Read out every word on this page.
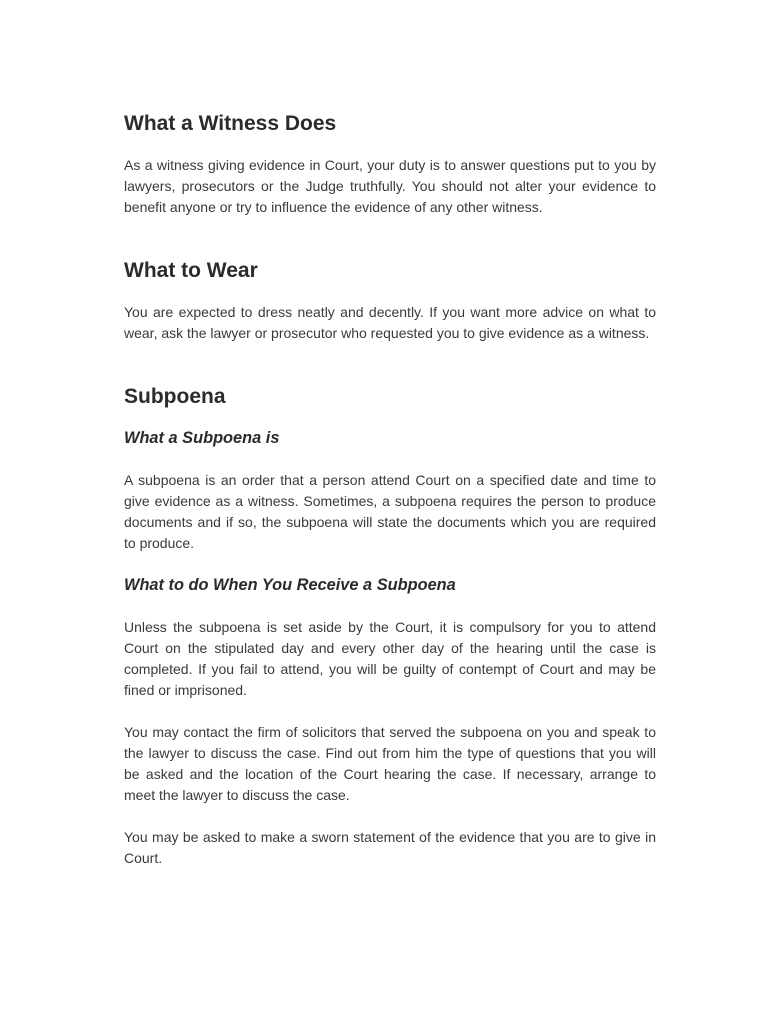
What a Witness Does

As a witness giving evidence in Court, your duty is to answer questions put to you by lawyers, prosecutors or the Judge truthfully. You should not alter your evidence to benefit anyone or try to influence the evidence of any other witness.

What to Wear

You are expected to dress neatly and decently. If you want more advice on what to wear, ask the lawyer or prosecutor who requested you to give evidence as a witness.

Subpoena
What a Subpoena is

A subpoena is an order that a person attend Court on a specified date and time to give evidence as a witness. Sometimes, a subpoena requires the person to produce documents and if so, the subpoena will state the documents which you are required to produce.

What to do When You Receive a Subpoena

Unless the subpoena is set aside by the Court, it is compulsory for you to attend Court on the stipulated day and every other day of the hearing until the case is completed. If you fail to attend, you will be guilty of contempt of Court and may be fined or imprisoned.

You may contact the firm of solicitors that served the subpoena on you and speak to the lawyer to discuss the case. Find out from him the type of questions that you will be asked and the location of the Court hearing the case. If necessary, arrange to meet the lawyer to discuss the case.

You may be asked to make a sworn statement of the evidence that you are to give in Court.
